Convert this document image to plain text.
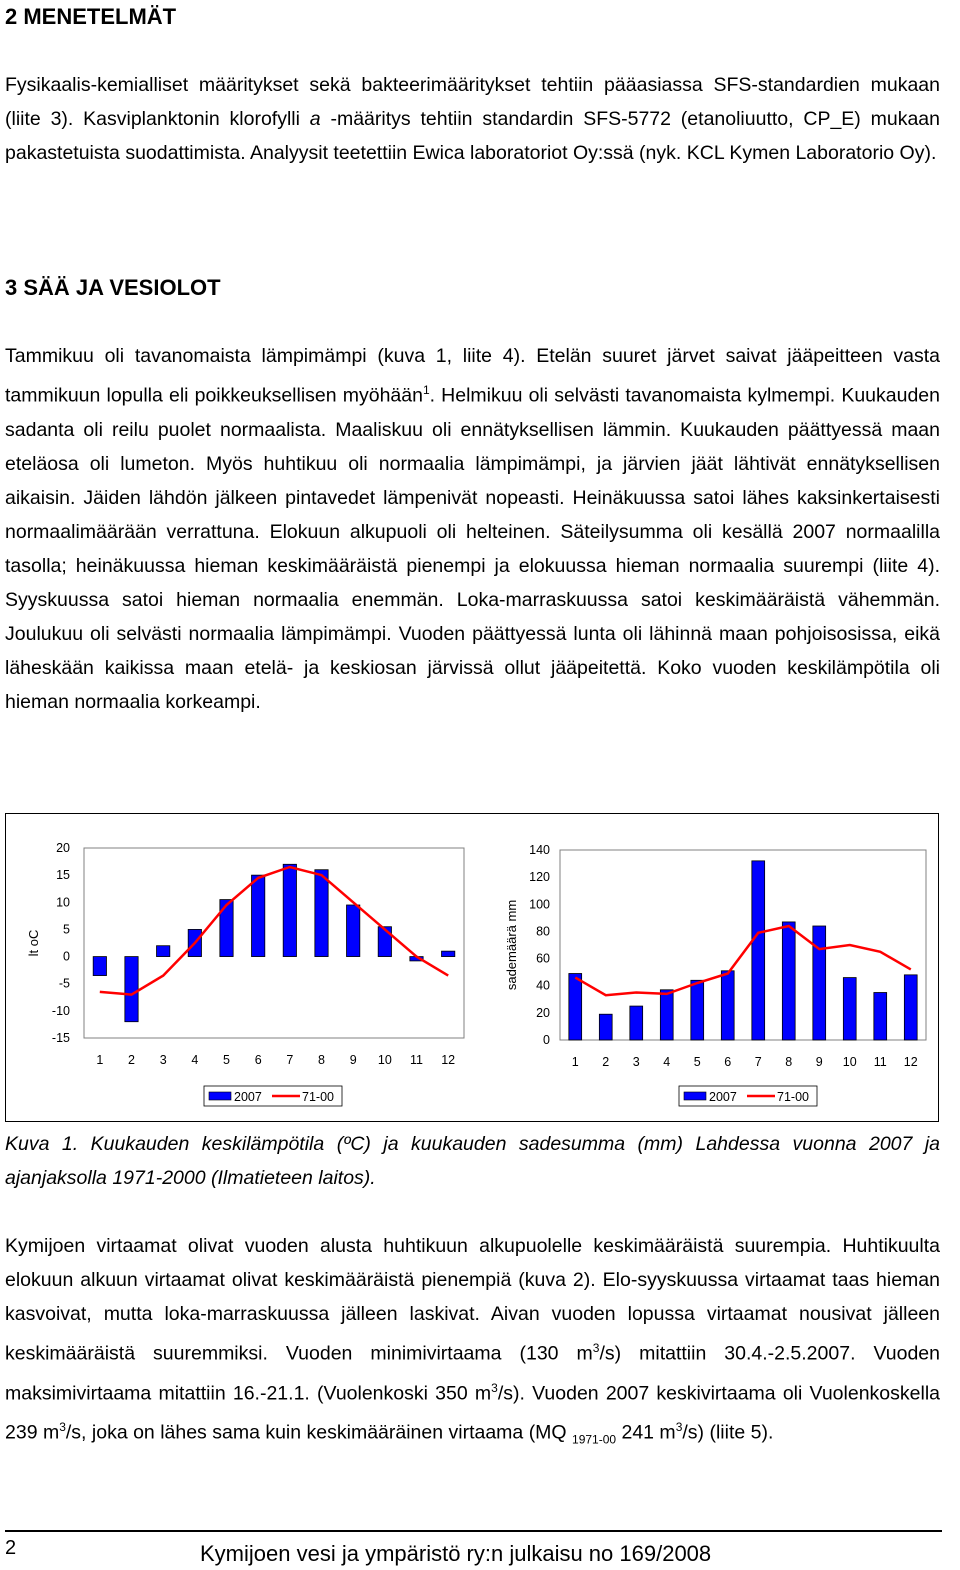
2 MENETELMÄT

Fysikaalis-kemialliset määritykset sekä bakteerimääritykset tehtiin pääasiassa SFS-standardien mukaan (liite 3). Kasviplanktonin klorofylli a -määritys tehtiin standardin SFS-5772 (etanoliuutto, CP_E) mukaan pakastetuista suodattimista. Analyysit teetettiin Ewica laboratoriot Oy:ssä (nyk. KCL Kymen Laboratorio Oy).

3 SÄÄ JA VESIOLOT

Tammikuu oli tavanomaista lämpimämpi (kuva 1, liite 4). Etelän suuret järvet saivat jääpeitteen vasta tammikuun lopulla eli poikkeuksellisen myöhään$^1$. Helmikuu oli selvästi tavanomaista kylmempi. Kuukauden sadanta oli reilu puolet normaalista. Maaliskuu oli ennätyksellisen lämmin. Kuukauden päättyessä maan eteläosa oli lumeton. Myös huhtikuu oli normaalia lämpimämpi, ja järvien jäät lähtivät ennätyksellisen aikaisin. Jäiden lähdön jälkeen pintavedet lämpenivät nopeasti. Heinäkuussa satoi lähes kaksinkertaisesti normaalimäärään verrattuna. Elokuun alkupuoli oli helteinen. Säteilysumma oli kesällä 2007 normaalilla tasolla; heinäkuussa hieman keskimääräistä pienempi ja elokuussa hieman normaalia suurempi (liite 4). Syyskuussa satoi hieman normaalia enemmän. Loka-marraskuussa satoi keskimääräistä vähemmän. Joulukuu oli selvästi normaalia lämpimämpi. Vuoden päättyessä lunta oli lähinnä maan pohjoisosissa, eikä läheskään kaikissa maan etelä- ja keskiosan järvissä ollut jääpeitettä. Koko vuoden keskilämpötila oli hieman normaalia korkeampi.

20
15
10
5
0
-5
-10
-15
lt oC
1 2 3 4 5 6 7 8 9 10 11 12
2007	71-00
140
120
100
80
60
40
20
0
sademäärä mm
1 2 3 4 5 6 7 8 9 10 11 12
2007	71-00

Kuva 1. Kuukauden keskilämpötila (ºC) ja kuukauden sadesumma (mm) Lahdessa vuonna 2007 ja ajanjaksolla 1971-2000 (Ilmatieteen laitos).

Kymijoen virtaamat olivat vuoden alusta huhtikuun alkupuolelle keskimääräistä suurempia. Huhtikuulta elokuun alkuun virtaamat olivat keskimääräistä pienempiä (kuva 2). Elo-syyskuussa virtaamat taas hieman kasvoivat, mutta loka-marraskuussa jälleen laskivat. Aivan vuoden lopussa virtaamat nousivat jälleen keskimääräistä suuremmiksi. Vuoden minimivirtaama (130 $m^3/s$) mitattiin 30.4.-2.5.2007. Vuoden maksimivirtaama mitattiin 16.-21.1. (Vuolenkoski 350 $m^3/s$). Vuoden 2007 keskivirtaama oli Vuolenkoskella 239 $m^3/s$, joka on lähes sama kuin keskimääräinen virtaama (MQ $_{1971-00}$ 241 $m^3/s$) (liite 5).

2	Kymijoen vesi ja ympäristö ry:n julkaisu no 169/2008
